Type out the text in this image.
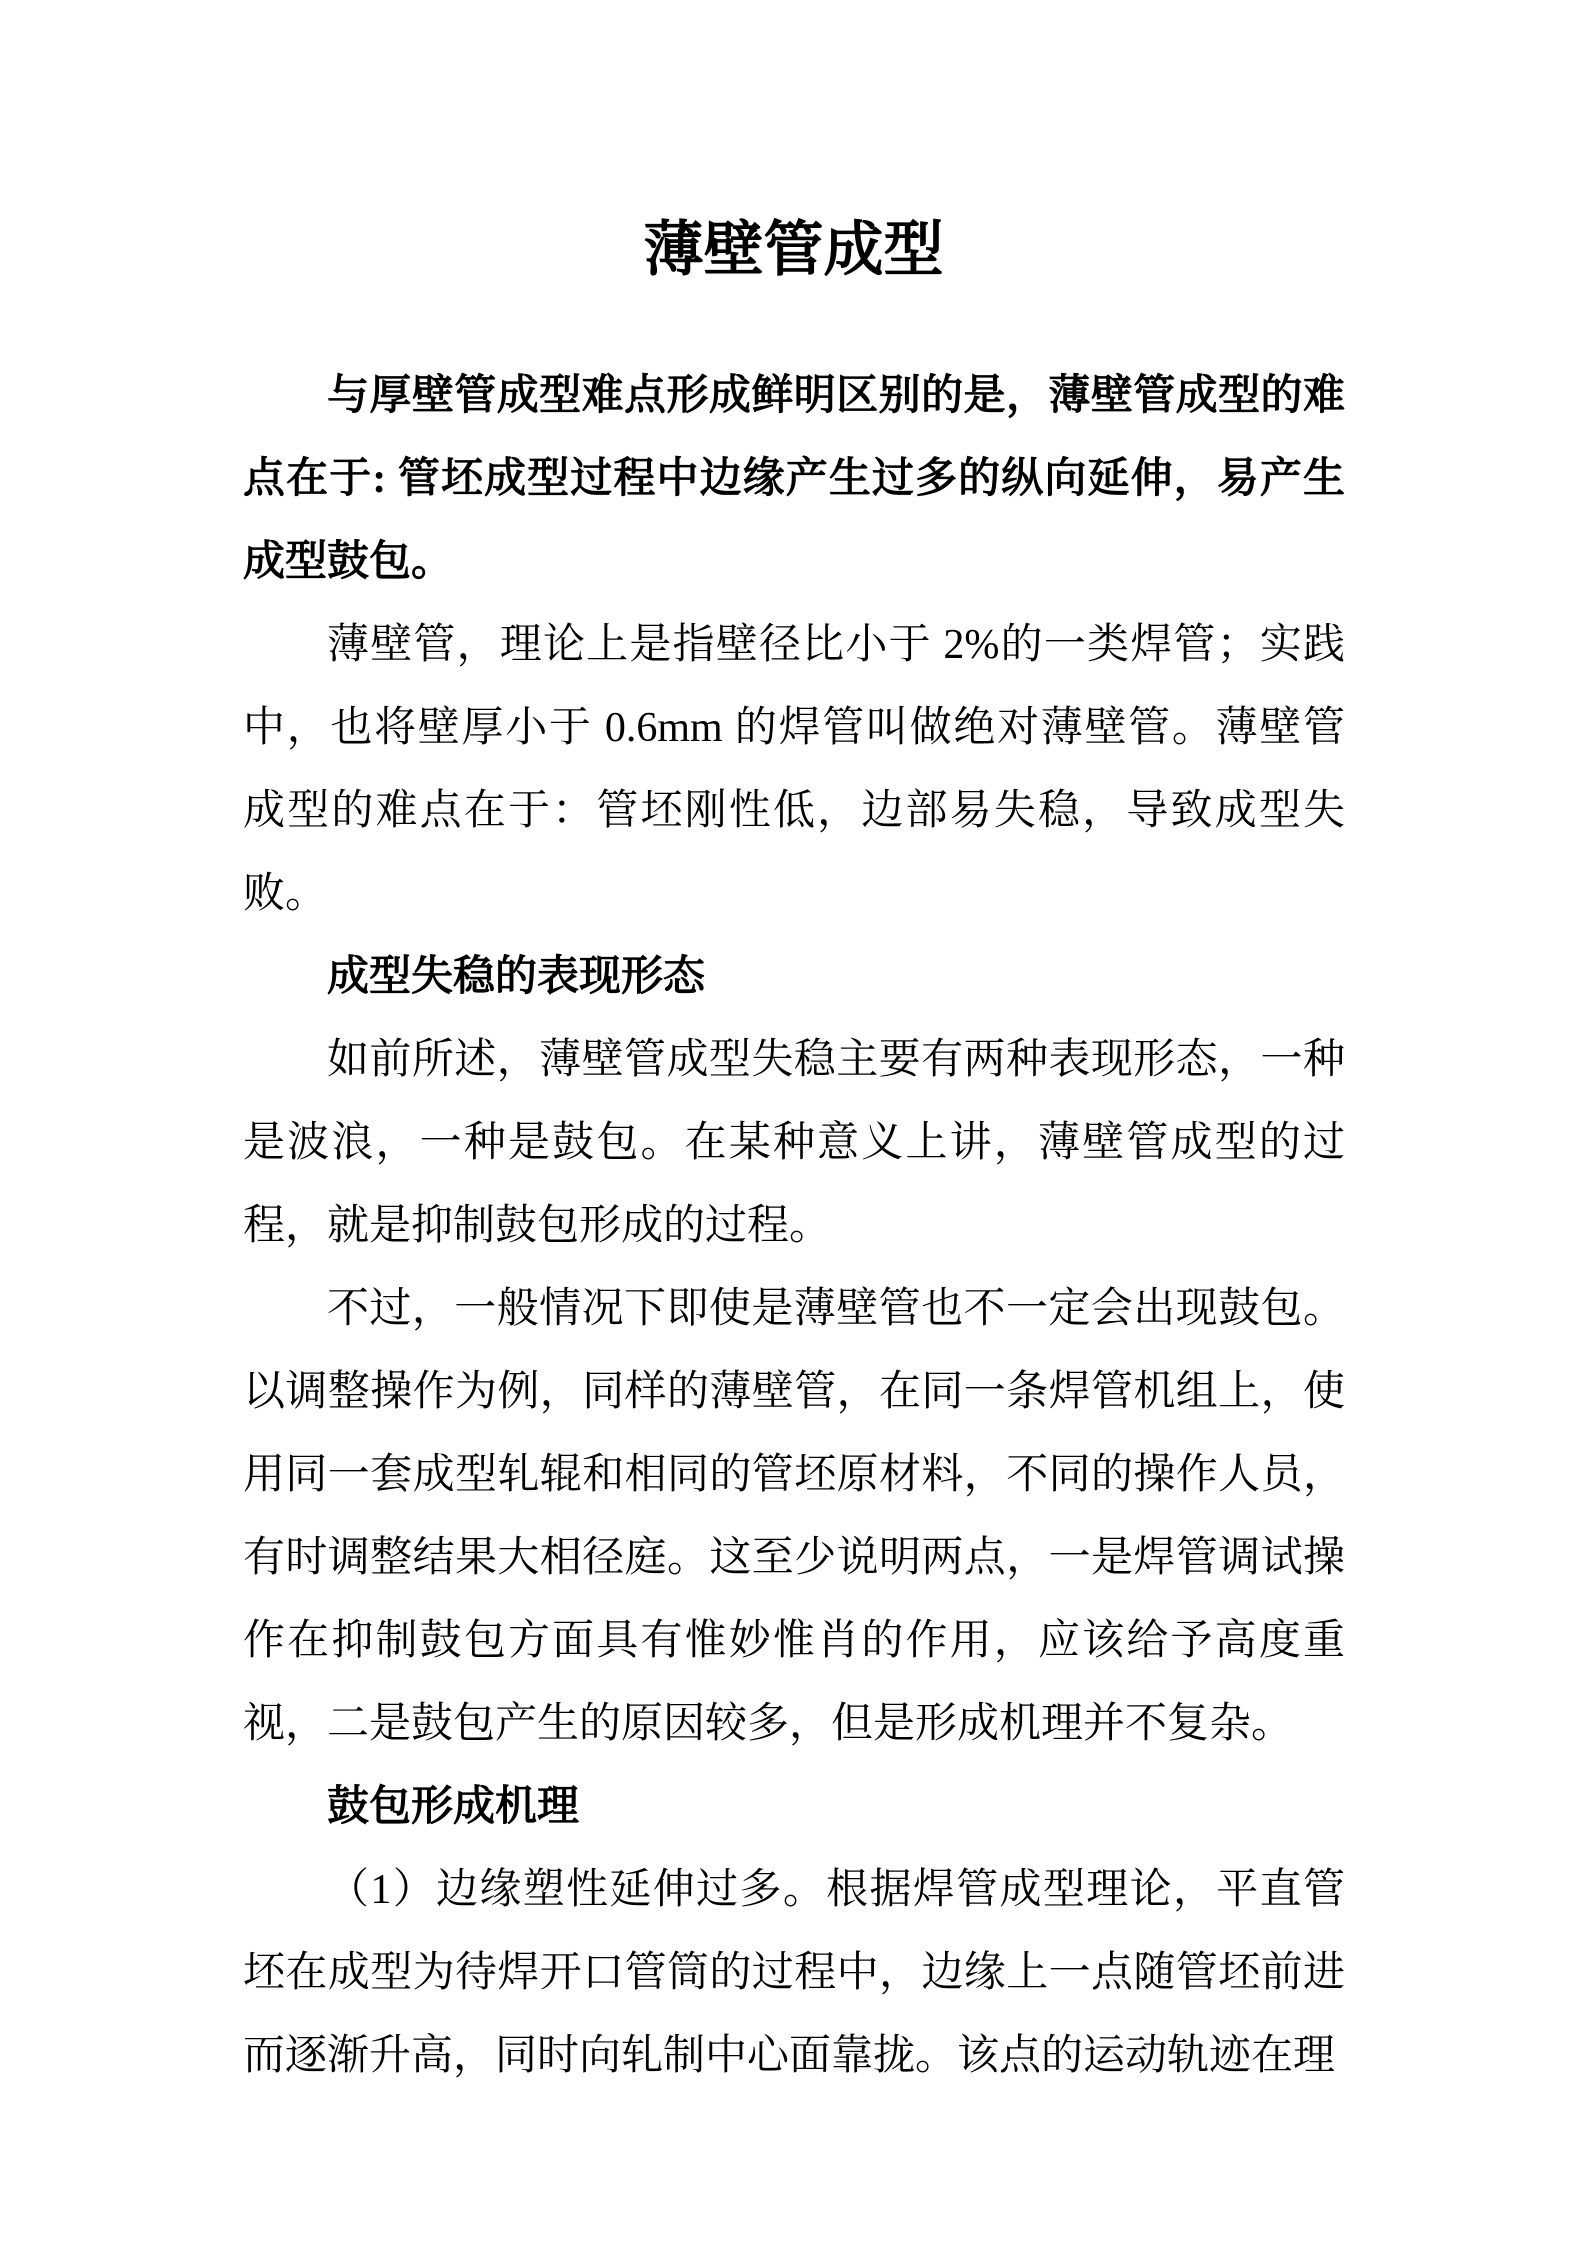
薄壁管成型

与厚壁管成型难点形成鲜明区别的是，薄壁管成型的难点在于: 管坯成型过程中边缘产生过多的纵向延伸，易产生成型鼓包。

薄壁管，理论上是指壁径比小于 2%的一类焊管；实践中，也将壁厚小于 0.6mm 的焊管叫做绝对薄壁管。薄壁管成型的难点在于：管坯刚性低，边部易失稳，导致成型失败。

成型失稳的表现形态

如前所述，薄壁管成型失稳主要有两种表现形态，一种是波浪，一种是鼓包。在某种意义上讲，薄壁管成型的过程，就是抑制鼓包形成的过程。

不过，一般情况下即使是薄壁管也不一定会出现鼓包。以调整操作为例，同样的薄壁管，在同一条焊管机组上，使用同一套成型轧辊和相同的管坯原材料，不同的操作人员，有时调整结果大相径庭。这至少说明两点，一是焊管调试操作在抑制鼓包方面具有惟妙惟肖的作用，应该给予高度重视，二是鼓包产生的原因较多，但是形成机理并不复杂。

鼓包形成机理

（1）边缘塑性延伸过多。根据焊管成型理论，平直管坯在成型为待焊开口管筒的过程中，边缘上一点随管坯前进而逐渐升高，同时向轧制中心面靠拢。该点的运动轨迹在理
